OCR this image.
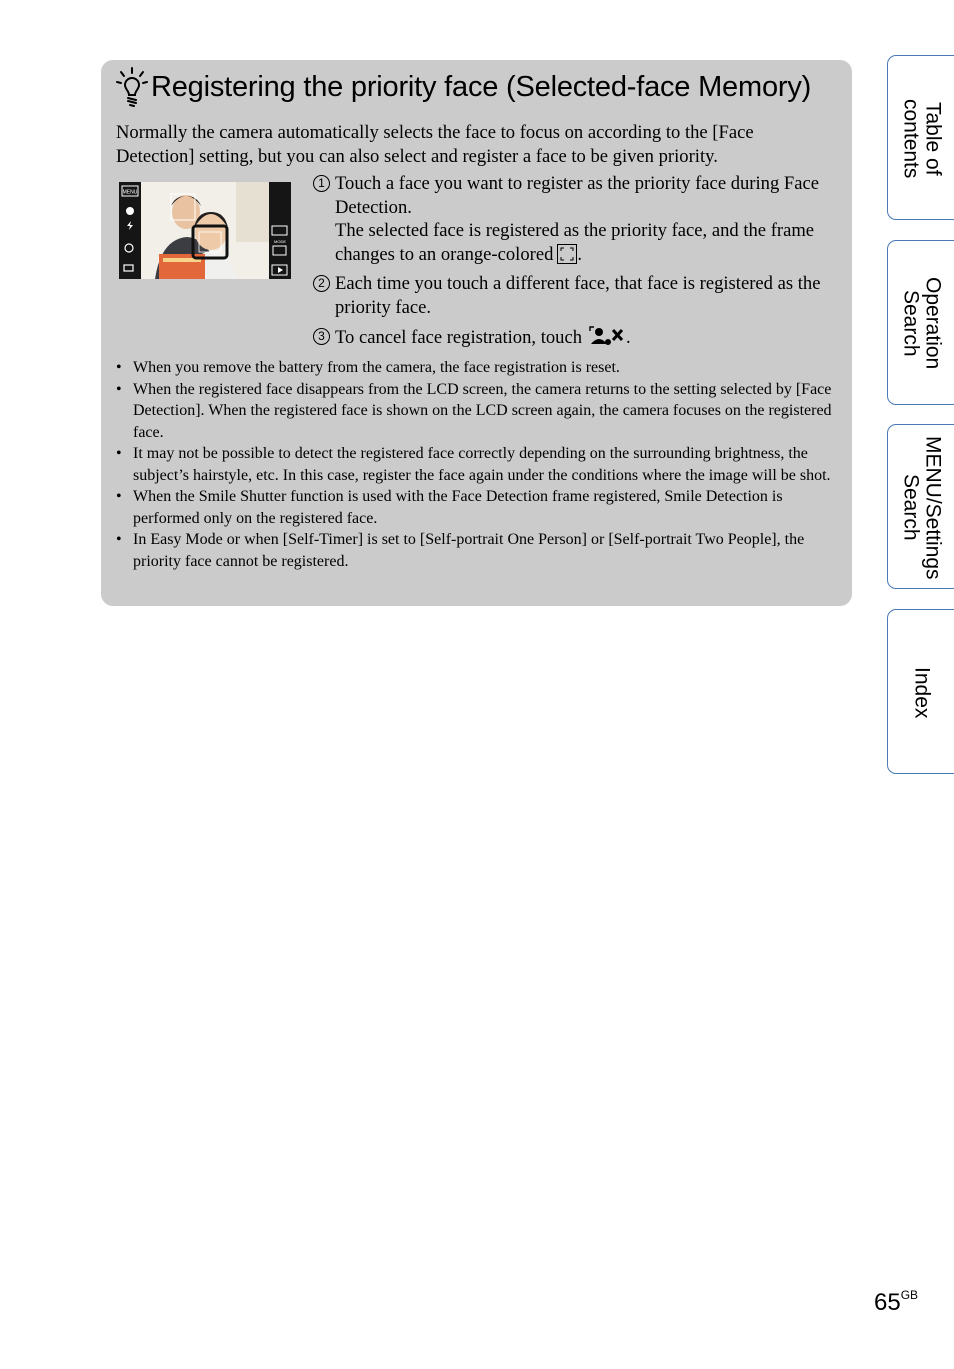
Registering the priority face (Selected-face Memory)
Normally the camera automatically selects the face to focus on according to the [Face Detection] setting, but you can also select and register a face to be given priority.
MENU
MODE
1 Touch a face you want to register as the priority face during Face Detection.
The selected face is registered as the priority face, and the frame changes to an orange-colored .
2 Each time you touch a different face, that face is registered as the priority face.
3 To cancel face registration, touch .
• When you remove the battery from the camera, the face registration is reset.
• When the registered face disappears from the LCD screen, the camera returns to the setting selected by [Face Detection]. When the registered face is shown on the LCD screen again, the camera focuses on the registered face.
• It may not be possible to detect the registered face correctly depending on the surrounding brightness, the subject’s hairstyle, etc. In this case, register the face again under the conditions where the image will be shot.
• When the Smile Shutter function is used with the Face Detection frame registered, Smile Detection is performed only on the registered face.
• In Easy Mode or when [Self-Timer] is set to [Self-portrait One Person] or [Self-portrait Two People], the priority face cannot be registered.
Table of
contents
Operation
Search
MENU/Settings
Search
Index
$65^{GB}$
